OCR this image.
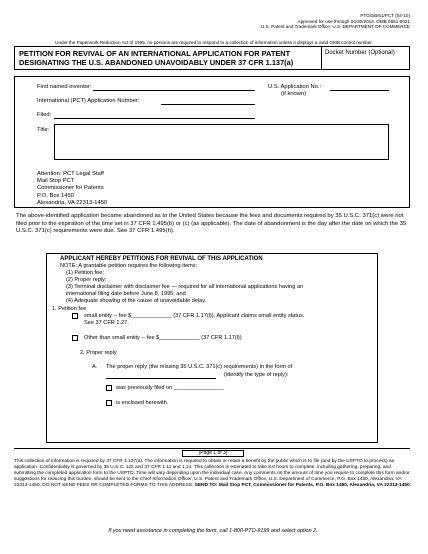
PTO/SB/61/PCT (04-10)
Approved for use through 04/30/2013. OMB 0651-0021
U.S. Patent and Trademark Office; U.S. DEPARTMENT OF COMMERCE
Under the Paperwork Reduction Act of 1995, no persons are required to respond to a collection of information unless it displays a valid OMB control number.
PETITION FOR REVIVAL OF AN INTERNATIONAL APPLICATION FOR PATENT
DESIGNATING THE U.S. ABANDONED UNAVOIDABLY UNDER 37 CFR 1.137(a)
Docket Number (Optional)
First named inventor:	U.S. Application No.:
(if known)
International (PCT) Application Number:
Filed:
Title:
Attention: PCT Legal Staff
Mail Stop PCT
Commissioner for Patents
P.O. Box 1450
Alexandria, VA 22313-1450
The above-identified application became abandoned as to the United States because the fees and documents required by 35 U.S.C. 371(c) were not filed prior to the expiration of the time set in 37 CFR 1.495(b) or (c) (as applicable). The date of abandonment is the day after the date on which the 35 U.S.C. 371(c) requirements were due. See 37 CFR 1.495(h).
APPLICANT HEREBY PETITIONS FOR REVIVAL OF THIS APPLICATION
NOTE: A grantable petition requires the following items:
(1) Petition fee;
(2) Proper reply;
(3) Terminal disclaimer with disclaimer fee — required for all international applications having an
international filing date before June 8, 1995; and
(4) Adequate showing of the cause of unavoidable delay.
1. Petition fee
small entity -- fee $_____________ (37 CFR 1.17(l)). Applicant claims small entity status.
See 37 CFR 1.27.
Other than small entity -- fee $_____________ (37 CFR 1.17(l))
2. Proper reply
A. The proper reply (the missing 35 U.S.C. 371(c) requirements) in the form of
(identify the type of reply):
was previously filed on ________________
is enclosed herewith.
[Page 1 of 3]
This collection of information is required by 37 CFR 1.137(a). The information is required to obtain or retain a benefit by the public which is to file (and by the USPTO to process) an application. Confidentiality is governed by 35 U.S.C. 122 and 37 CFR 1.11 and 1.14. This collection is estimated to take 8.0 hours to complete, including gathering, preparing, and submitting the completed application form to the USPTO. Time will vary depending upon the individual case. Any comments on the amount of time you require to complete this form and/or suggestions for reducing this burden, should be sent to the Chief Information Officer, U.S. Patent and Trademark Office, U.S. Department of Commerce, P.O. Box 1450, Alexandria, VA 22313-1450. DO NOT SEND FEES OR COMPLETED FORMS TO THIS ADDRESS. SEND TO: Mail Stop PCT, Commissioner for Patents, P.O. Box 1450, Alexandria, VA 22313-1450.
If you need assistance in completing the form, call 1-800-PTO-9199 and select option 2.
